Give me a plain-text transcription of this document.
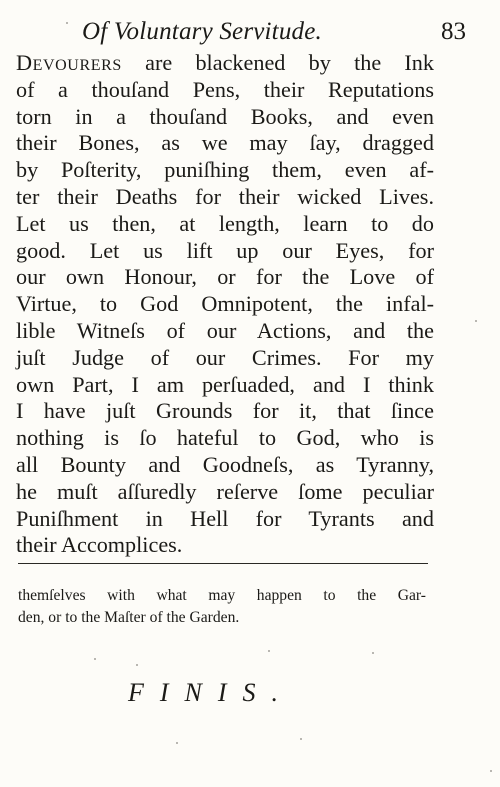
Of Voluntary Servitude.	83
Devourers are blackened by the Ink
of a thouſand Pens, their Reputations
torn in a thouſand Books, and even
their Bones, as we may ſay, dragged
by Poſterity, puniſhing them, even af-
ter their Deaths for their wicked Lives.
Let us then, at length, learn to do
good. Let us lift up our Eyes, for
our own Honour, or for the Love of
Virtue, to God Omnipotent, the infal-
lible Witneſs of our Actions, and the
juſt Judge of our Crimes. For my
own Part, I am perſuaded, and I think
I have juſt Grounds for it, that ſince
nothing is ſo hateful to God, who is
all Bounty and Goodneſs, as Tyranny,
he muſt aſſuredly reſerve ſome peculiar
Puniſhment in Hell for Tyrants and
their Accomplices.
themſelves with what may happen to the Gar-
den, or to the Maſter of the Garden.
FINIS.
